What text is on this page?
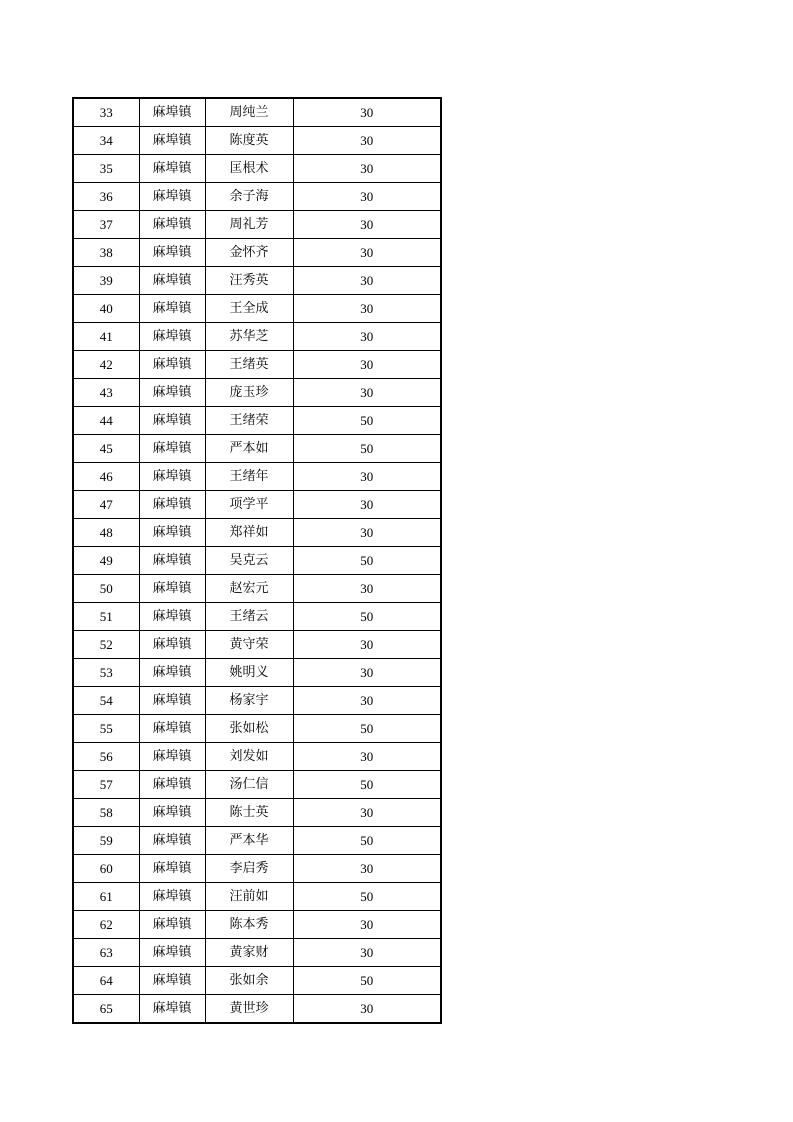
33	麻埠镇	周纯兰	30
34	麻埠镇	陈度英	30
35	麻埠镇	匡根术	30
36	麻埠镇	余子海	30
37	麻埠镇	周礼芳	30
38	麻埠镇	金怀齐	30
39	麻埠镇	汪秀英	30
40	麻埠镇	王全成	30
41	麻埠镇	苏华芝	30
42	麻埠镇	王绪英	30
43	麻埠镇	庞玉珍	30
44	麻埠镇	王绪荣	50
45	麻埠镇	严本如	50
46	麻埠镇	王绪年	30
47	麻埠镇	项学平	30
48	麻埠镇	郑祥如	30
49	麻埠镇	吴克云	50
50	麻埠镇	赵宏元	30
51	麻埠镇	王绪云	50
52	麻埠镇	黄守荣	30
53	麻埠镇	姚明义	30
54	麻埠镇	杨家宇	30
55	麻埠镇	张如松	50
56	麻埠镇	刘发如	30
57	麻埠镇	汤仁信	50
58	麻埠镇	陈士英	30
59	麻埠镇	严本华	50
60	麻埠镇	李启秀	30
61	麻埠镇	汪前如	50
62	麻埠镇	陈本秀	30
63	麻埠镇	黄家财	30
64	麻埠镇	张如余	50
65	麻埠镇	黄世珍	30
